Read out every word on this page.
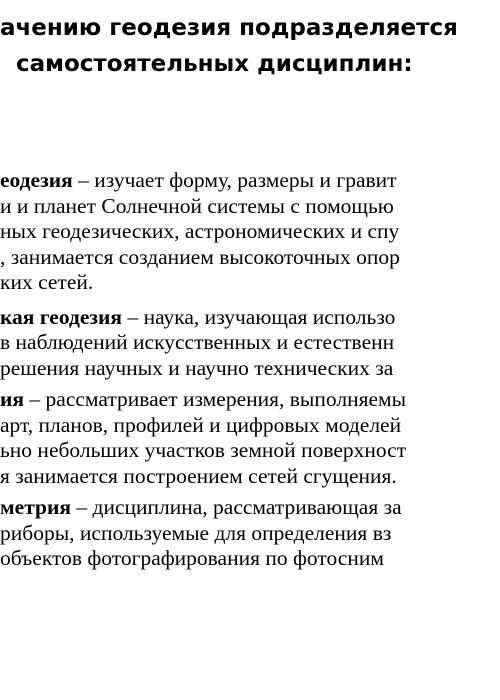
ачению геодезия подразделяется
самостоятельных дисциплин:
еодезия – изучает форму, размеры и гравит
и и планет Солнечной системы с помощью
ных геодезических, астрономических и спу
, занимается созданием высокоточных опор
ких сетей.
кая геодезия – наука, изучающая использо
в наблюдений искусственных и естественн
решения научных и научно технических за
ия – рассматривает измерения, выполняемы
арт, планов, профилей и цифровых моделей
ьно небольших участков земной поверхност
я занимается построением сетей сгущения.
метрия – дисциплина, рассматривающая за
риборы, используемые для определения вз
объектов фотографирования по фотосним
